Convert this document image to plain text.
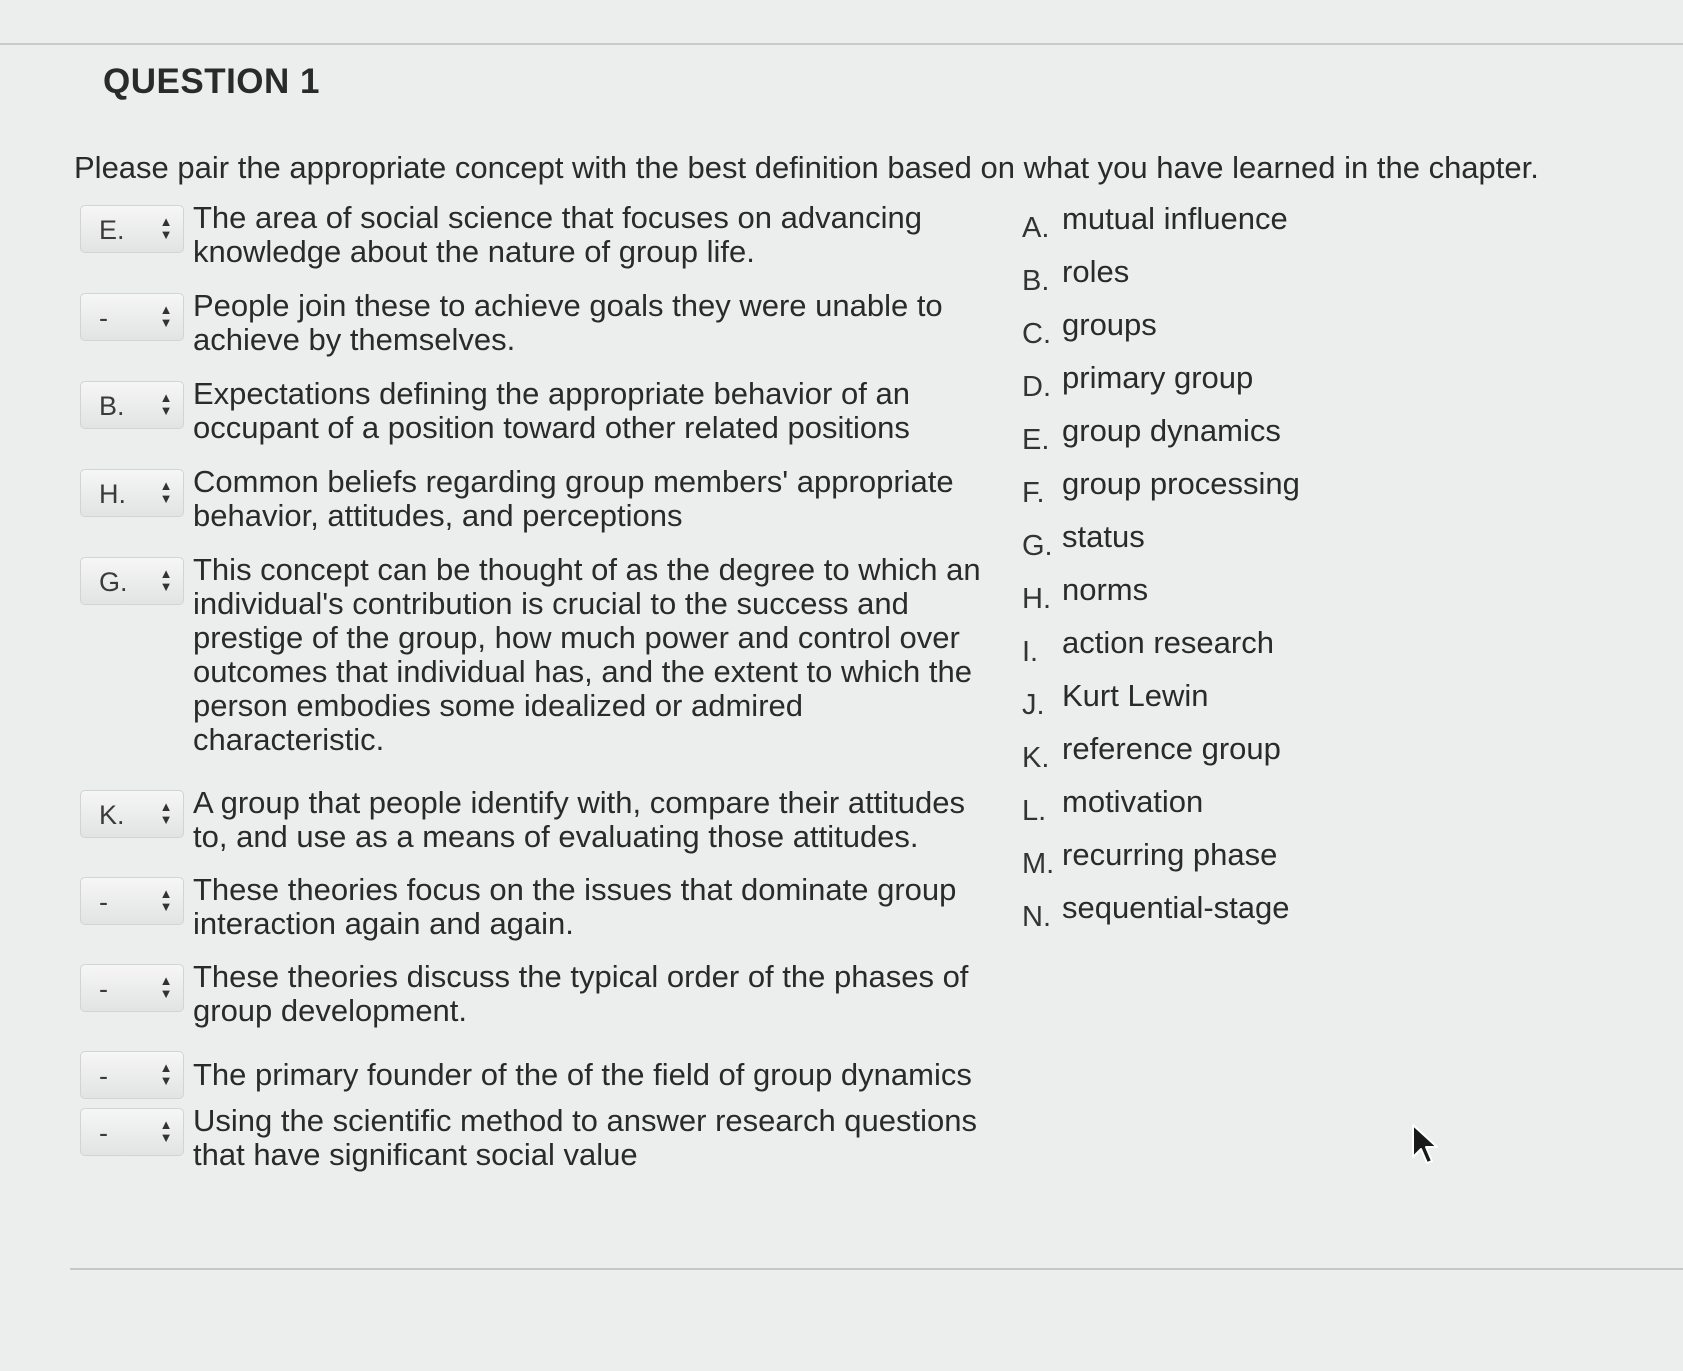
QUESTION 1
Please pair the appropriate concept with the best definition based on what you have learned in the chapter.
E.	▲
▼ The area of social science that focuses on advancing knowledge about the nature of group life.
-	▲
▼ People join these to achieve goals they were unable to achieve by themselves.
B.	▲
▼ Expectations defining the appropriate behavior of an occupant of a position toward other related positions
H.	▲
▼ Common beliefs regarding group members' appropriate behavior, attitudes, and perceptions
G. ▲
▼ This concept can be thought of as the degree to which an individual's contribution is crucial to the success and prestige of the group, how much power and control over outcomes that individual has, and the extent to which the person embodies some idealized or admired characteristic.
K.	▲
▼ A group that people identify with, compare their attitudes to, and use as a means of evaluating those attitudes.
-	▲
▼ These theories focus on the issues that dominate group interaction again and again.
-	▲
▼ These theories discuss the typical order of the phases of group development.
-	▲
▼ The primary founder of the of the field of group dynamics
-	▲
▼ Using the scientific method to answer research questions that have significant social value
A. mutual influence
B. roles
C. groups
D. primary group
E. group dynamics
F. group processing
G. status
H. norms
I. action research
J. Kurt Lewin
K. reference group
L. motivation
M. recurring phase
N. sequential-stage
